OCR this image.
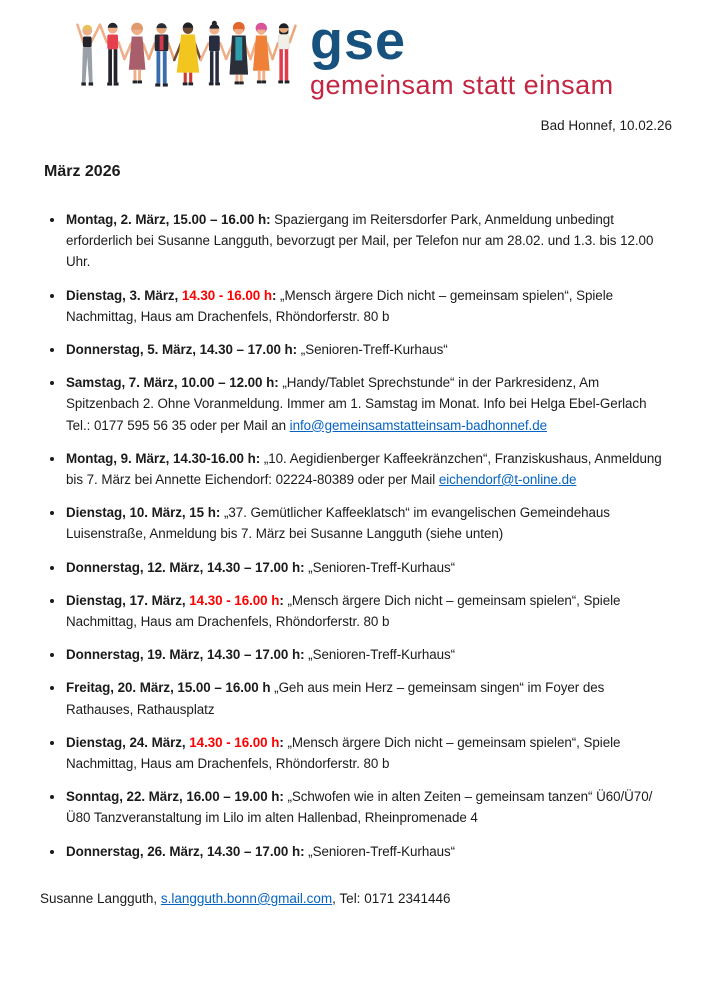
gse
gemeinsam statt einsam
Bad Honnef, 10.02.26
März 2026
• Montag, 2. März, 15.00 – 16.00 h: Spaziergang im Reitersdorfer Park, Anmeldung unbedingt erforderlich bei Susanne Langguth, bevorzugt per Mail, per Telefon nur am 28.02. und 1.3. bis 12.00 Uhr.
• Dienstag, 3. März, 14.30 - 16.00 h: „Mensch ärgere Dich nicht – gemeinsam spielen“, Spiele Nachmittag, Haus am Drachenfels, Rhöndorferstr. 80 b
• Donnerstag, 5. März, 14.30 – 17.00 h: „Senioren-Treff-Kurhaus“
• Samstag, 7. März, 10.00 – 12.00 h: „Handy/Tablet Sprechstunde“ in der Parkresidenz, Am Spitzenbach 2. Ohne Voranmeldung. Immer am 1. Samstag im Monat. Info bei Helga Ebel-Gerlach Tel.: 0177 595 56 35 oder per Mail an info@gemeinsamstatteinsam-badhonnef.de
• Montag, 9. März, 14.30-16.00 h: „10. Aegidienberger Kaffeekränzchen“, Franziskushaus, Anmeldung bis 7. März bei Annette Eichendorf: 02224-80389 oder per Mail eichendorf@t-online.de
• Dienstag, 10. März, 15 h: „37. Gemütlicher Kaffeeklatsch“ im evangelischen Gemeindehaus Luisenstraße, Anmeldung bis 7. März bei Susanne Langguth (siehe unten)
• Donnerstag, 12. März, 14.30 – 17.00 h: „Senioren-Treff-Kurhaus“
• Dienstag, 17. März, 14.30 - 16.00 h: „Mensch ärgere Dich nicht – gemeinsam spielen“, Spiele Nachmittag, Haus am Drachenfels, Rhöndorferstr. 80 b
• Donnerstag, 19. März, 14.30 – 17.00 h: „Senioren-Treff-Kurhaus“
• Freitag, 20. März, 15.00 – 16.00 h „Geh aus mein Herz – gemeinsam singen“ im Foyer des Rathauses, Rathausplatz
• Dienstag, 24. März, 14.30 - 16.00 h: „Mensch ärgere Dich nicht – gemeinsam spielen“, Spiele Nachmittag, Haus am Drachenfels, Rhöndorferstr. 80 b
• Sonntag, 22. März, 16.00 – 19.00 h: „Schwofen wie in alten Zeiten – gemeinsam tanzen“ Ü60/Ü70/Ü80 Tanzveranstaltung im Lilo im alten Hallenbad, Rheinpromenade 4
• Donnerstag, 26. März, 14.30 – 17.00 h: „Senioren-Treff-Kurhaus“
Susanne Langguth, s.langguth.bonn@gmail.com, Tel: 0171 2341446
